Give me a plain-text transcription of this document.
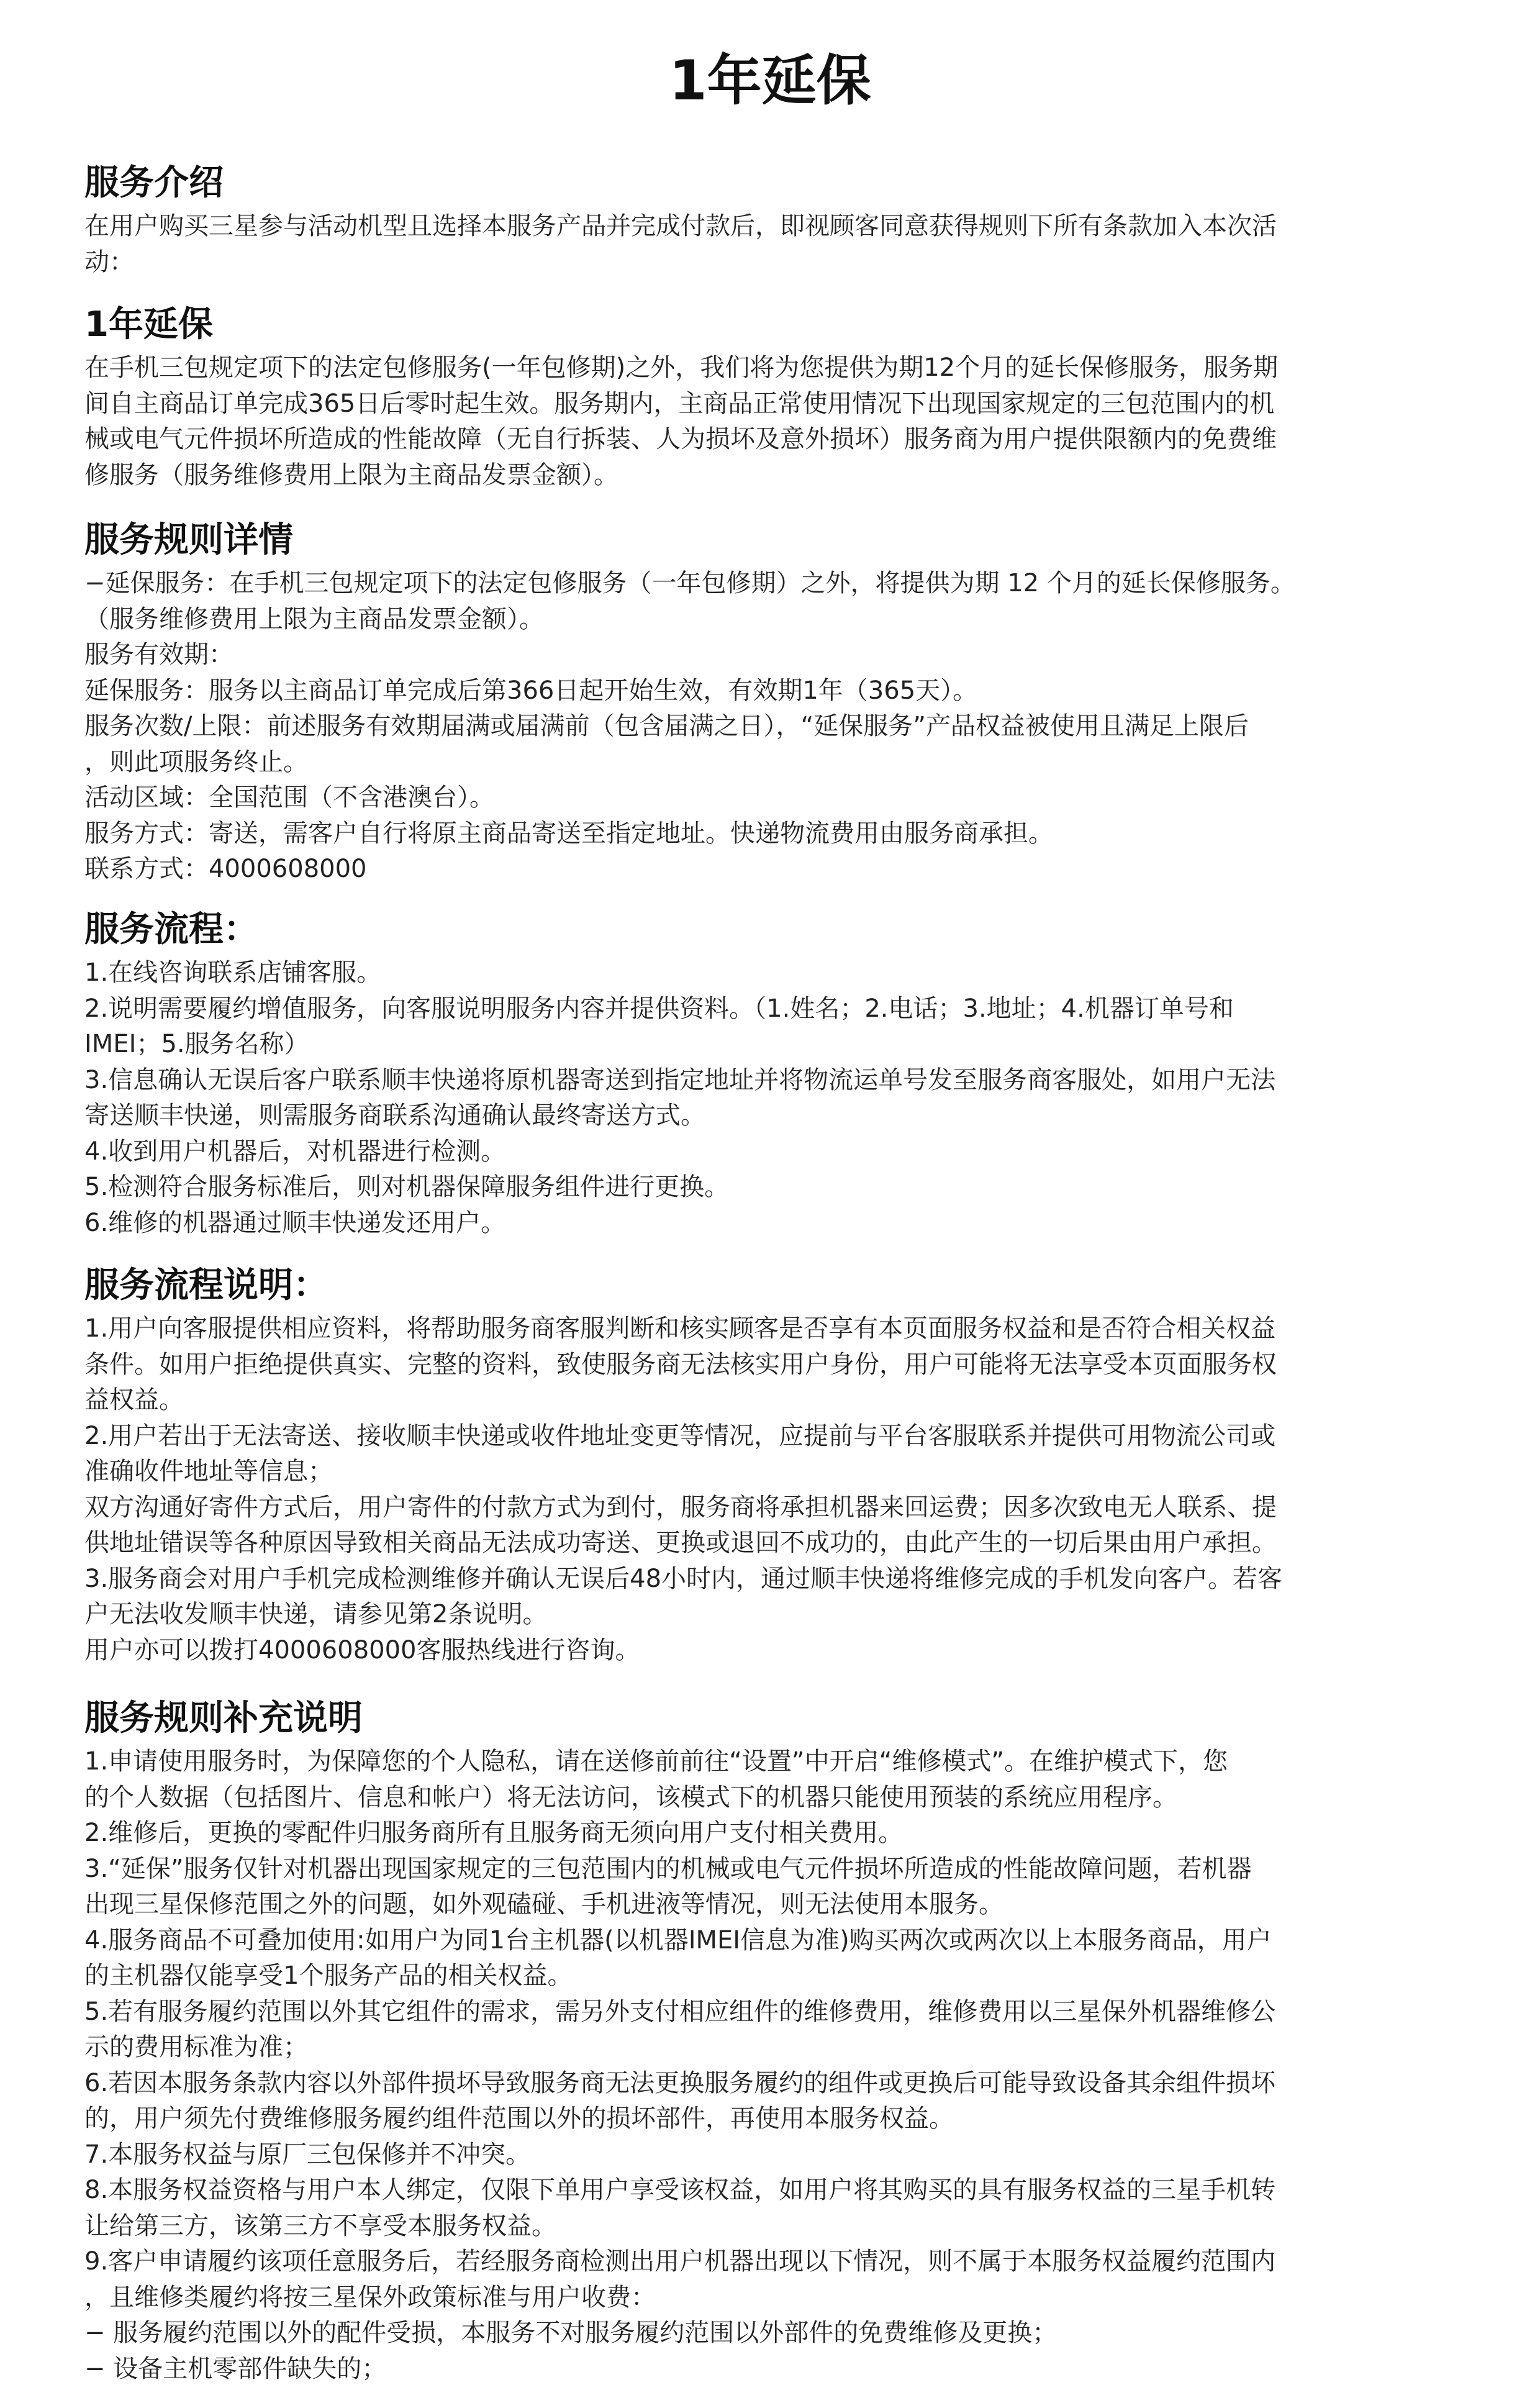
1年延保
服务介绍

在用户购买三星参与活动机型且选择本服务产品并完成付款后，即视顾客同意获得规则下所有条款加入本次活

动：

1年延保

在手机三包规定项下的法定包修服务(一年包修期)之外，我们将为您提供为期12个月的延长保修服务，服务期

间自主商品订单完成365日后零时起生效。服务期内，主商品正常使用情况下出现国家规定的三包范围内的机

械或电气元件损坏所造成的性能故障（无自行拆装、人为损坏及意外损坏）服务商为用户提供限额内的免费维

修服务（服务维修费用上限为主商品发票金额）。

服务规则详情

−延保服务：在手机三包规定项下的法定包修服务（一年包修期）之外，将提供为期 12 个月的延长保修服务。

（服务维修费用上限为主商品发票金额）。

服务有效期：

延保服务：服务以主商品订单完成后第366日起开始生效，有效期1年（365天）。

服务次数/上限：前述服务有效期届满或届满前（包含届满之日），“延保服务”产品权益被使用且满足上限后

，则此项服务终止。

活动区域：全国范围（不含港澳台）。

服务方式：寄送，需客户自行将原主商品寄送至指定地址。快递物流费用由服务商承担。

联系方式：4000608000

服务流程：

1.在线咨询联系店铺客服。

2.说明需要履约增值服务，向客服说明服务内容并提供资料。（1.姓名；2.电话；3.地址；4.机器订单号和

IMEI；5.服务名称）

3.信息确认无误后客户联系顺丰快递将原机器寄送到指定地址并将物流运单号发至服务商客服处，如用户无法

寄送顺丰快递，则需服务商联系沟通确认最终寄送方式。

4.收到用户机器后，对机器进行检测。

5.检测符合服务标准后，则对机器保障服务组件进行更换。

6.维修的机器通过顺丰快递发还用户。

服务流程说明：

1.用户向客服提供相应资料，将帮助服务商客服判断和核实顾客是否享有本页面服务权益和是否符合相关权益

条件。如用户拒绝提供真实、完整的资料，致使服务商无法核实用户身份，用户可能将无法享受本页面服务权

益权益。

2.用户若出于无法寄送、接收顺丰快递或收件地址变更等情况，应提前与平台客服联系并提供可用物流公司或

准确收件地址等信息；

双方沟通好寄件方式后，用户寄件的付款方式为到付，服务商将承担机器来回运费；因多次致电无人联系、提

供地址错误等各种原因导致相关商品无法成功寄送、更换或退回不成功的，由此产生的一切后果由用户承担。

3.服务商会对用户手机完成检测维修并确认无误后48小时内，通过顺丰快递将维修完成的手机发向客户。若客

户无法收发顺丰快递，请参见第2条说明。

用户亦可以拨打4000608000客服热线进行咨询。

服务规则补充说明

1.申请使用服务时，为保障您的个人隐私，请在送修前前往“设置”中开启“维修模式”。在维护模式下，您

的个人数据（包括图片、信息和帐户）将无法访问，该模式下的机器只能使用预装的系统应用程序。

2.维修后，更换的零配件归服务商所有且服务商无须向用户支付相关费用。

3.“延保”服务仅针对机器出现国家规定的三包范围内的机械或电气元件损坏所造成的性能故障问题，若机器

出现三星保修范围之外的问题，如外观磕碰、手机进液等情况，则无法使用本服务。

4.服务商品不可叠加使用:如用户为同1台主机器(以机器IMEI信息为准)购买两次或两次以上本服务商品，用户

的主机器仅能享受1个服务产品的相关权益。

5.若有服务履约范围以外其它组件的需求，需另外支付相应组件的维修费用，维修费用以三星保外机器维修公

示的费用标准为准；

6.若因本服务条款内容以外部件损坏导致服务商无法更换服务履约的组件或更换后可能导致设备其余组件损坏

的，用户须先付费维修服务履约组件范围以外的损坏部件，再使用本服务权益。

7.本服务权益与原厂三包保修并不冲突。

8.本服务权益资格与用户本人绑定，仅限下单用户享受该权益，如用户将其购买的具有服务权益的三星手机转

让给第三方，该第三方不享受本服务权益。

9.客户申请履约该项任意服务后，若经服务商检测出用户机器出现以下情况，则不属于本服务权益履约范围内

，且维修类履约将按三星保外政策标准与用户收费：

− 服务履约范围以外的配件受损，本服务不对服务履约范围以外部件的免费维修及更换；

− 设备主机零部件缺失的；
